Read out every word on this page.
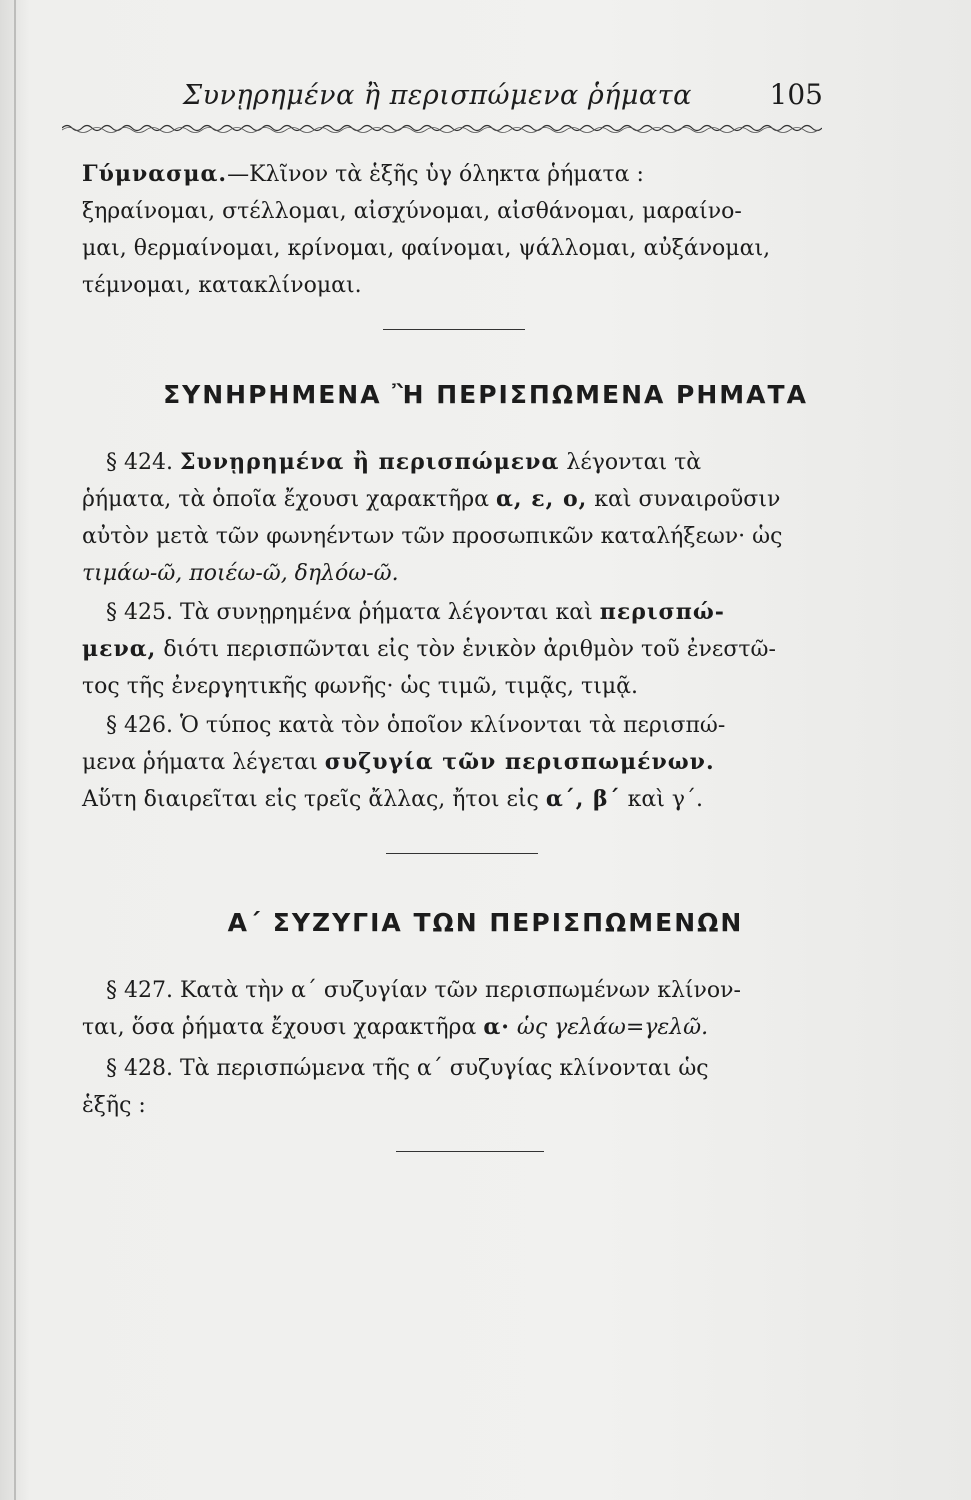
Συνῃρημένα ἢ περισπώμενα ῥήματα	105
Γύμνασμα.—Κλῖνον τὰ ἑξῆς ὑγ όληκτα ῥήματα :
ξηραίνομαι, στέλλομαι, αἰσχύνομαι, αἰσθάνομαι, μαραίνο-
μαι, θερμαίνομαι, κρίνομαι, φαίνομαι, ψάλλομαι, αὐξάνομαι,
τέμνομαι, κατακλίνομαι.
ΣΥΝΗΡΗΜΕΝΑ Ἢ ΠΕΡΙΣΠΩΜΕΝΑ ΡΗΜΑΤΑ
§ 424. Συνῃρημένα ἢ περισπώμενα λέγονται τὰ
ῥήματα, τὰ ὁποῖα ἔχουσι χαρακτῆρα α, ε, ο, καὶ συναιροῦσιν
αὐτὸν μετὰ τῶν φωνηέντων τῶν προσωπικῶν καταλήξεων· ὡς
τιμάω-ῶ, ποιέω-ῶ, δηλόω-ῶ.
§ 425. Τὰ συνῃρημένα ῥήματα λέγονται καὶ περισπώ-
μενα, διότι περισπῶνται εἰς τὸν ἑνικὸν ἀριθμὸν τοῦ ἐνεστῶ-
τος τῆς ἐνεργητικῆς φωνῆς· ὡς τιμῶ, τιμᾷς, τιμᾷ.
§ 426. Ὁ τύπος κατὰ τὸν ὁποῖον κλίνονται τὰ περισπώ-
μενα ῥήματα λέγεται συζυγία τῶν περισπωμένων.
Αὕτη διαιρεῖται εἰς τρεῖς ἄλλας, ἤτοι εἰς α΄, β΄ καὶ γ΄.
Α΄ ΣΥΖΥΓΙΑ ΤΩΝ ΠΕΡΙΣΠΩΜΕΝΩΝ
§ 427. Κατὰ τὴν α΄ συζυγίαν τῶν περισπωμένων κλίνον-
ται, ὅσα ῥήματα ἔχουσι χαρακτῆρα α· ὡς γελάω=γελῶ.
§ 428. Τὰ περισπώμενα τῆς α΄ συζυγίας κλίνονται ὡς
ἑξῆς :
